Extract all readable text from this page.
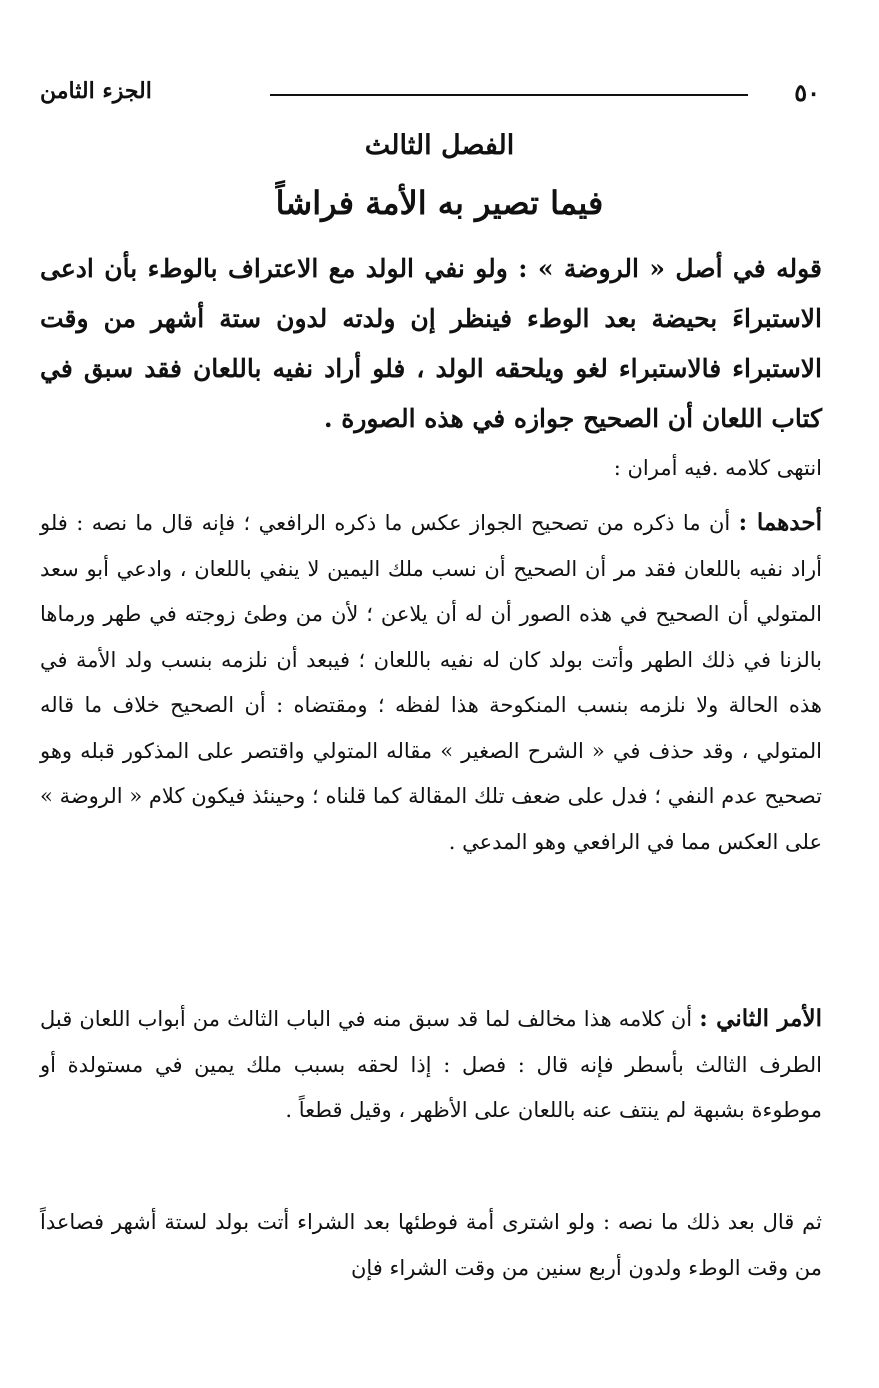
٥٠
الجزء الثامن
الفصل الثالث
فيما تصير به الأمة فراشاً

قوله في أصل « الروضة » : ولو نفي الولد مع الاعتراف بالوطء بأن ادعى الاستبراءَ بحيضة بعد الوطء فينظر إن ولدته لدون ستة أشهر من وقت الاستبراء فالاستبراء لغو ويلحقه الولد ، فلو أراد نفيه باللعان فقد سبق في كتاب اللعان أن الصحيح جوازه في هذه الصورة .

انتهى كلامه .فيه أمران :

أحدهما : أن ما ذكره من تصحيح الجواز عكس ما ذكره الرافعي ؛ فإنه قال ما نصه : فلو أراد نفيه باللعان فقد مر أن الصحيح أن نسب ملك اليمين لا ينفي باللعان ، وادعي أبو سعد المتولي أن الصحيح في هذه الصور أن له أن يلاعن ؛ لأن من وطئ زوجته في طهر ورماها بالزنا في ذلك الطهر وأتت بولد كان له نفيه باللعان ؛ فيبعد أن نلزمه بنسب ولد الأمة في هذه الحالة ولا نلزمه بنسب المنكوحة هذا لفظه ؛ ومقتضاه : أن الصحيح خلاف ما قاله المتولي ، وقد حذف في « الشرح الصغير » مقاله المتولي واقتصر على المذكور قبله وهو تصحيح عدم النفي ؛ فدل على ضعف تلك المقالة كما قلناه ؛ وحينئذ فيكون كلام « الروضة » على العكس مما في الرافعي وهو المدعي .

الأمر الثاني : أن كلامه هذا مخالف لما قد سبق منه في الباب الثالث من أبواب اللعان قبل الطرف الثالث بأسطر فإنه قال : فصل : إذا لحقه بسبب ملك يمين في مستولدة أو موطوءة بشبهة لم ينتف عنه باللعان على الأظهر ، وقيل قطعاً .

ثم قال بعد ذلك ما نصه : ولو اشترى أمة فوطئها بعد الشراء أتت بولد لستة أشهر فصاعداً من وقت الوطء ولدون أربع سنين من وقت الشراء فإن
